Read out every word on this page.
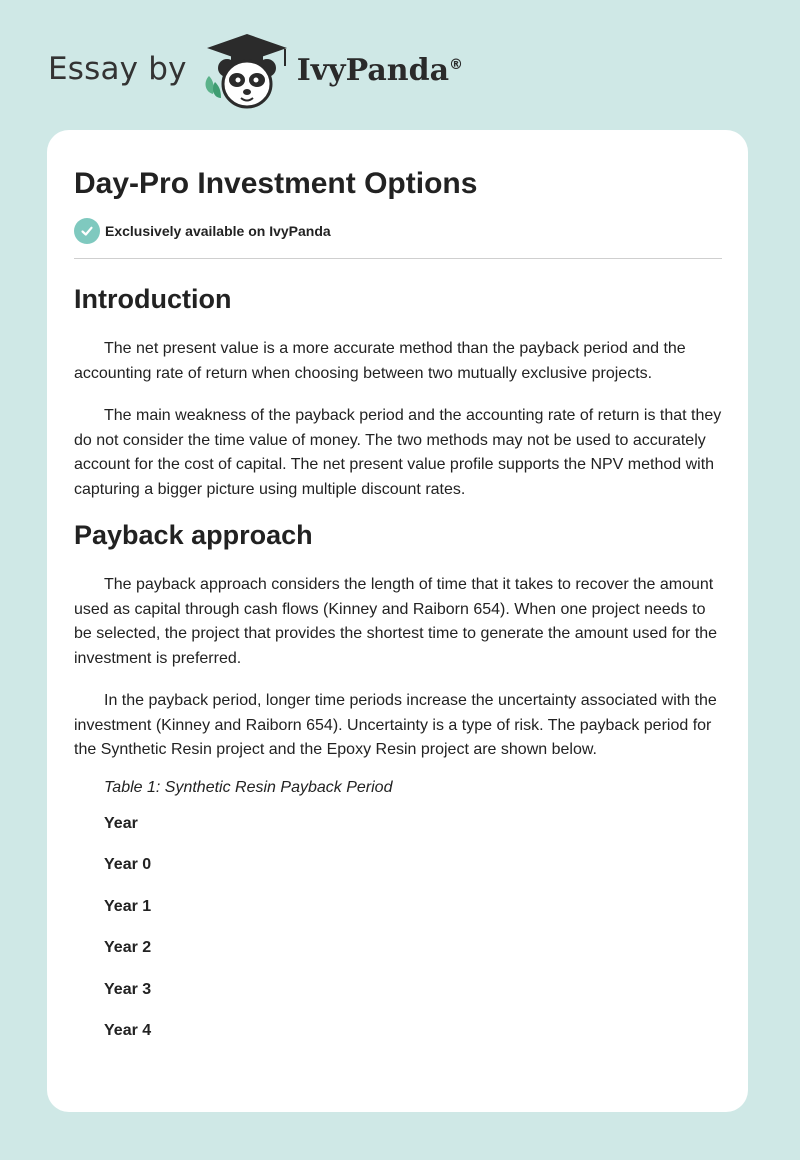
Essay by	IvyPanda®
Day-Pro Investment Options
Exclusively available on IvyPanda
Introduction

The net present value is a more accurate method than the payback period and the accounting rate of return when choosing between two mutually exclusive projects.

The main weakness of the payback period and the accounting rate of return is that they do not consider the time value of money. The two methods may not be used to accurately account for the cost of capital. The net present value profile supports the NPV method with capturing a bigger picture using multiple discount rates.

Payback approach

The payback approach considers the length of time that it takes to recover the amount used as capital through cash flows (Kinney and Raiborn 654). When one project needs to be selected, the project that provides the shortest time to generate the amount used for the investment is preferred.

In the payback period, longer time periods increase the uncertainty associated with the investment (Kinney and Raiborn 654). Uncertainty is a type of risk. The payback period for the Synthetic Resin project and the Epoxy Resin project are shown below.

Table 1: Synthetic Resin Payback Period
Year
Year 0
Year 1
Year 2
Year 3
Year 4
